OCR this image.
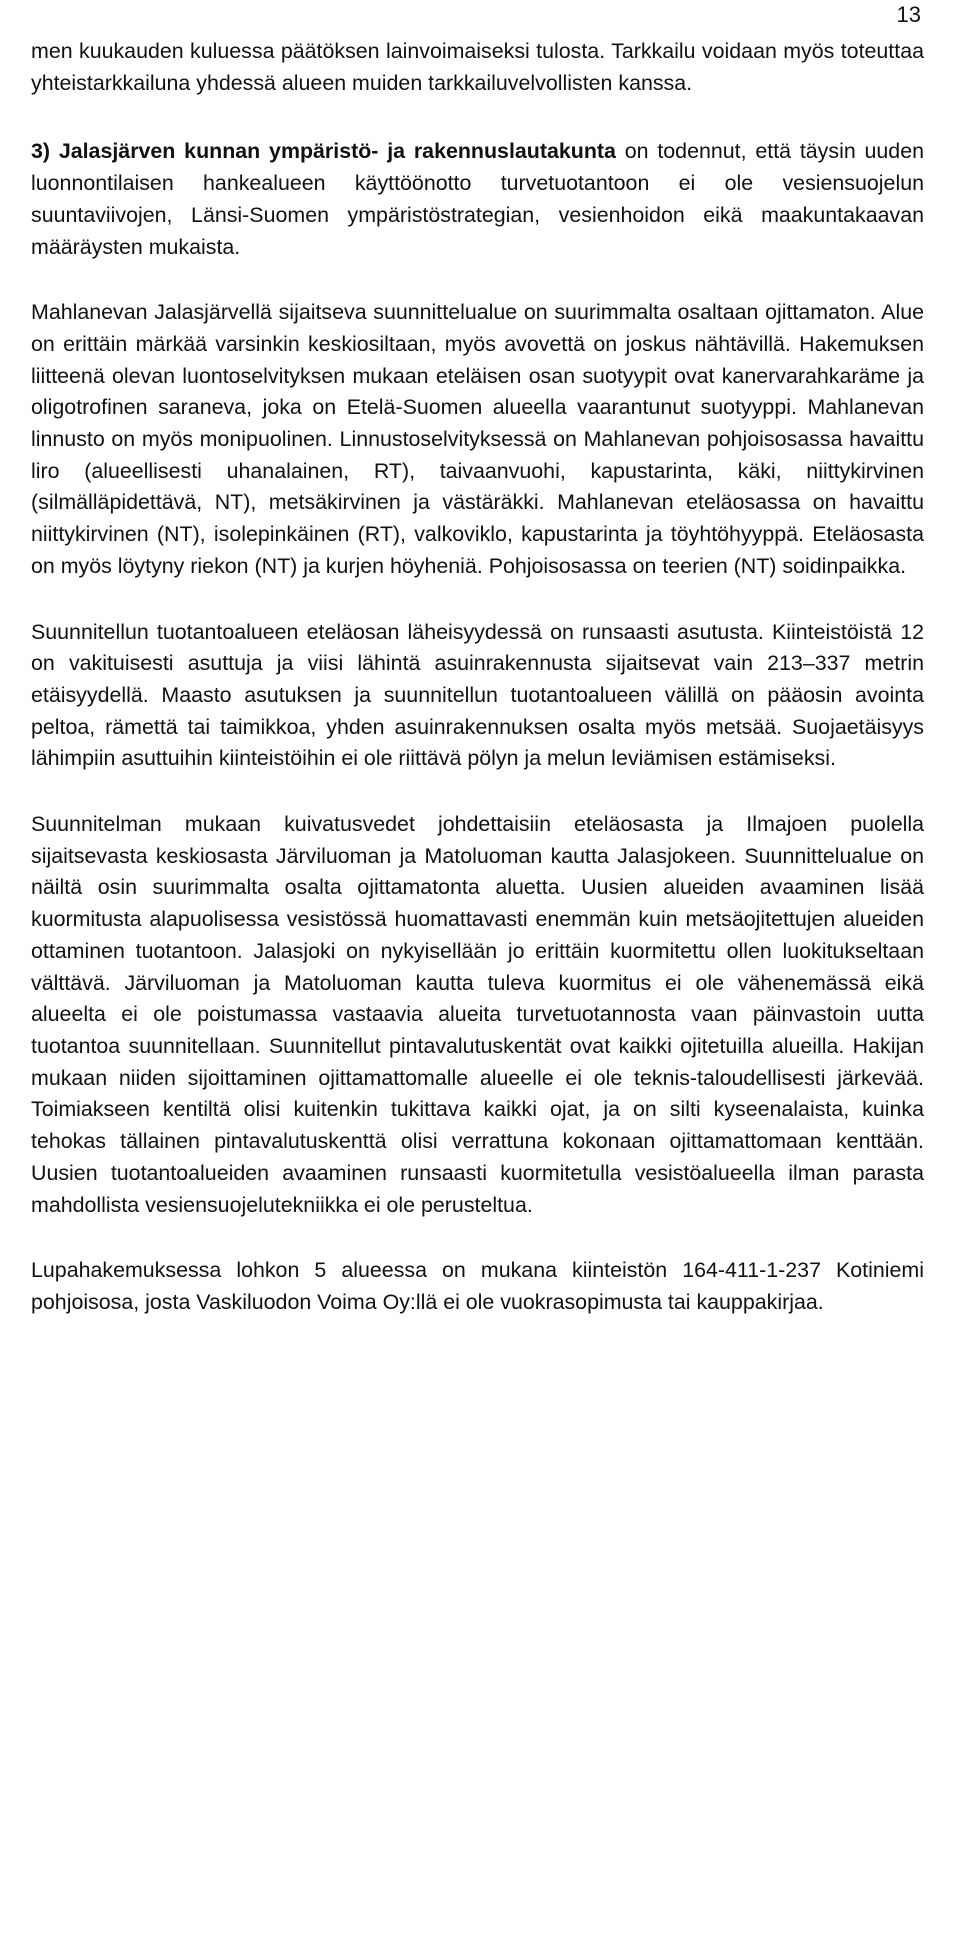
13

men kuukauden kuluessa päätöksen lainvoimaiseksi tulosta. Tarkkailu voidaan myös toteuttaa yhteistarkkailuna yhdessä alueen muiden tarkkailuvelvollisten kanssa.

3) Jalasjärven kunnan ympäristö- ja rakennuslautakunta on todennut, että täysin uuden luonnontilaisen hankealueen käyttöönotto turvetuotantoon ei ole vesiensuojelun suuntaviivojen, Länsi-Suomen ympäristöstrategian, vesienhoidon eikä maakuntakaavan määräysten mukaista.

Mahlanevan Jalasjärvellä sijaitseva suunnittelualue on suurimmalta osaltaan ojittamaton. Alue on erittäin märkää varsinkin keskiosiltaan, myös avovettä on joskus nähtävillä. Hakemuksen liitteenä olevan luontoselvityksen mukaan eteläisen osan suotyypit ovat kanervarahkaräme ja oligotrofinen saraneva, joka on Etelä-Suomen alueella vaarantunut suotyyppi. Mahlanevan linnusto on myös monipuolinen. Linnustoselvityksessä on Mahlanevan pohjoisosassa havaittu liro (alueellisesti uhanalainen, RT), taivaanvuohi, kapustarinta, käki, niittykirvinen (silmälläpidettävä, NT), metsäkirvinen ja västäräkki. Mahlanevan eteläosassa on havaittu niittykirvinen (NT), isolepinkäinen (RT), valkoviklo, kapustarinta ja töyhtöhyyppä. Eteläosasta on myös löytyny riekon (NT) ja kurjen höyheniä. Pohjoisosassa on teerien (NT) soidinpaikka.

Suunnitellun tuotantoalueen eteläosan läheisyydessä on runsaasti asutusta. Kiinteistöistä 12 on vakituisesti asuttuja ja viisi lähintä asuinrakennusta sijaitsevat vain 213–337 metrin etäisyydellä. Maasto asutuksen ja suunnitellun tuotantoalueen välillä on pääosin avointa peltoa, rämettä tai taimikkoa, yhden asuinrakennuksen osalta myös metsää. Suojaetäisyys lähimpiin asuttuihin kiinteistöihin ei ole riittävä pölyn ja melun leviämisen estämiseksi.

Suunnitelman mukaan kuivatusvedet johdettaisiin eteläosasta ja Ilmajoen puolella sijaitsevasta keskiosasta Järviluoman ja Matoluoman kautta Jalasjokeen. Suunnittelualue on näiltä osin suurimmalta osalta ojittamatonta aluetta. Uusien alueiden avaaminen lisää kuormitusta alapuolisessa vesistössä huomattavasti enemmän kuin metsäojitettujen alueiden ottaminen tuotantoon. Jalasjoki on nykyisellään jo erittäin kuormitettu ollen luokitukseltaan välttävä. Järviluoman ja Matoluoman kautta tuleva kuormitus ei ole vähenemässä eikä alueelta ei ole poistumassa vastaavia alueita turvetuotannosta vaan päinvastoin uutta tuotantoa suunnitellaan. Suunnitellut pintavalutuskentät ovat kaikki ojitetuilla alueilla. Hakijan mukaan niiden sijoittaminen ojittamattomalle alueelle ei ole teknis-taloudellisesti järkevää. Toimiakseen kentiltä olisi kuitenkin tukittava kaikki ojat, ja on silti kyseenalaista, kuinka tehokas tällainen pintavalutuskenttä olisi verrattuna kokonaan ojittamattomaan kenttään. Uusien tuotantoalueiden avaaminen runsaasti kuormitetulla vesistöalueella ilman parasta mahdollista vesiensuojelutekniikka ei ole perusteltua.

Lupahakemuksessa lohkon 5 alueessa on mukana kiinteistön 164-411-1-237 Kotiniemi pohjoisosa, josta Vaskiluodon Voima Oy:llä ei ole vuokrasopimusta tai kauppakirjaa.
